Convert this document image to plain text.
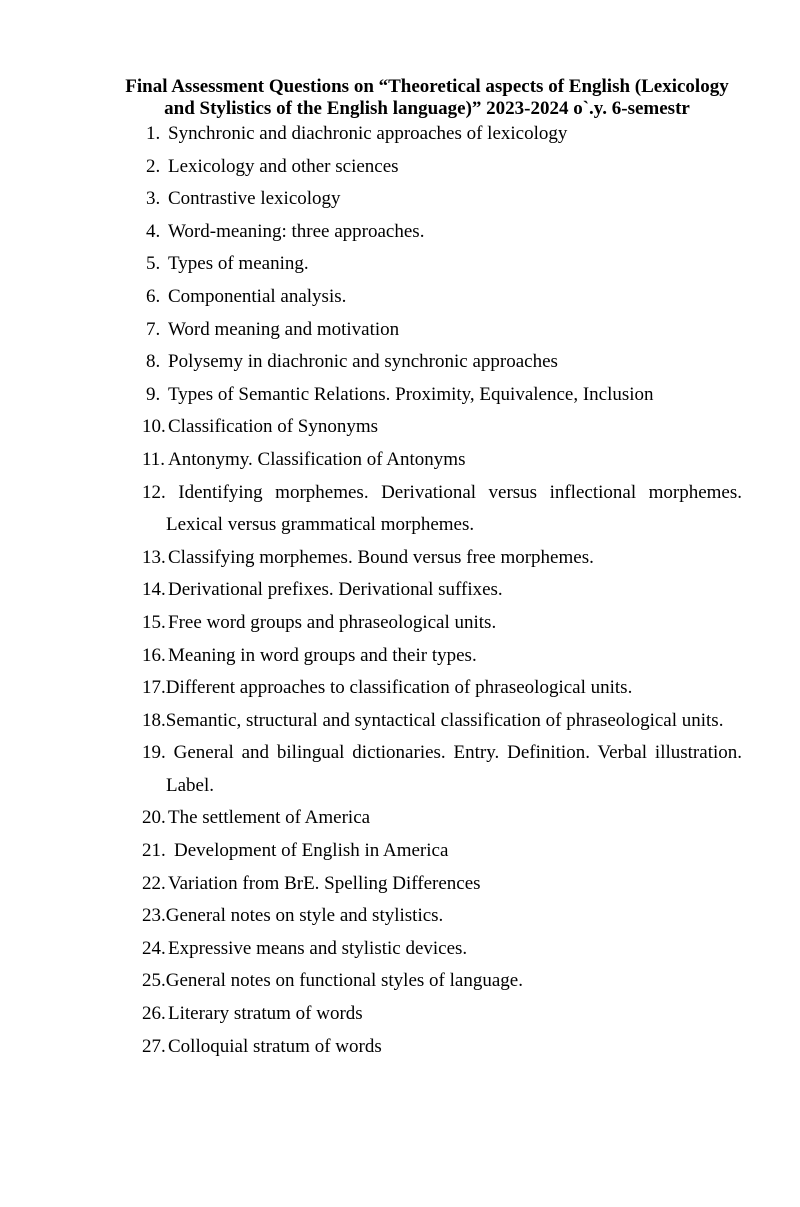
Final Assessment Questions on “Theoretical aspects of English (Lexicology
and Stylistics of the English language)” 2023-2024 o`.y. 6-semestr
1. Synchronic and diachronic approaches of lexicology
2. Lexicology and other sciences
3. Contrastive lexicology
4. Word-meaning: three approaches.
5. Types of meaning.
6. Componential analysis.
7. Word meaning and motivation
8. Polysemy in diachronic and synchronic approaches
9. Types of Semantic Relations. Proximity, Equivalence, Inclusion
10. Classification of Synonyms
11. Antonymy. Classification of Antonyms
12. Identifying morphemes. Derivational versus inflectional morphemes.
Lexical versus grammatical morphemes.
13. Classifying morphemes. Bound versus free morphemes.
14. Derivational prefixes. Derivational suffixes.
15. Free word groups and phraseological units.
16. Meaning in word groups and their types.
17.Different approaches to classification of phraseological units.
18.Semantic, structural and syntactical classification of phraseological units.
19. General and bilingual dictionaries. Entry. Definition. Verbal illustration.
Label.
20. The settlement of America
21. Development of English in America
22. Variation from BrE. Spelling Differences
23.General notes on style and stylistics.
24. Expressive means and stylistic devices.
25.General notes on functional styles of language.
26. Literary stratum of words
27. Colloquial stratum of words
